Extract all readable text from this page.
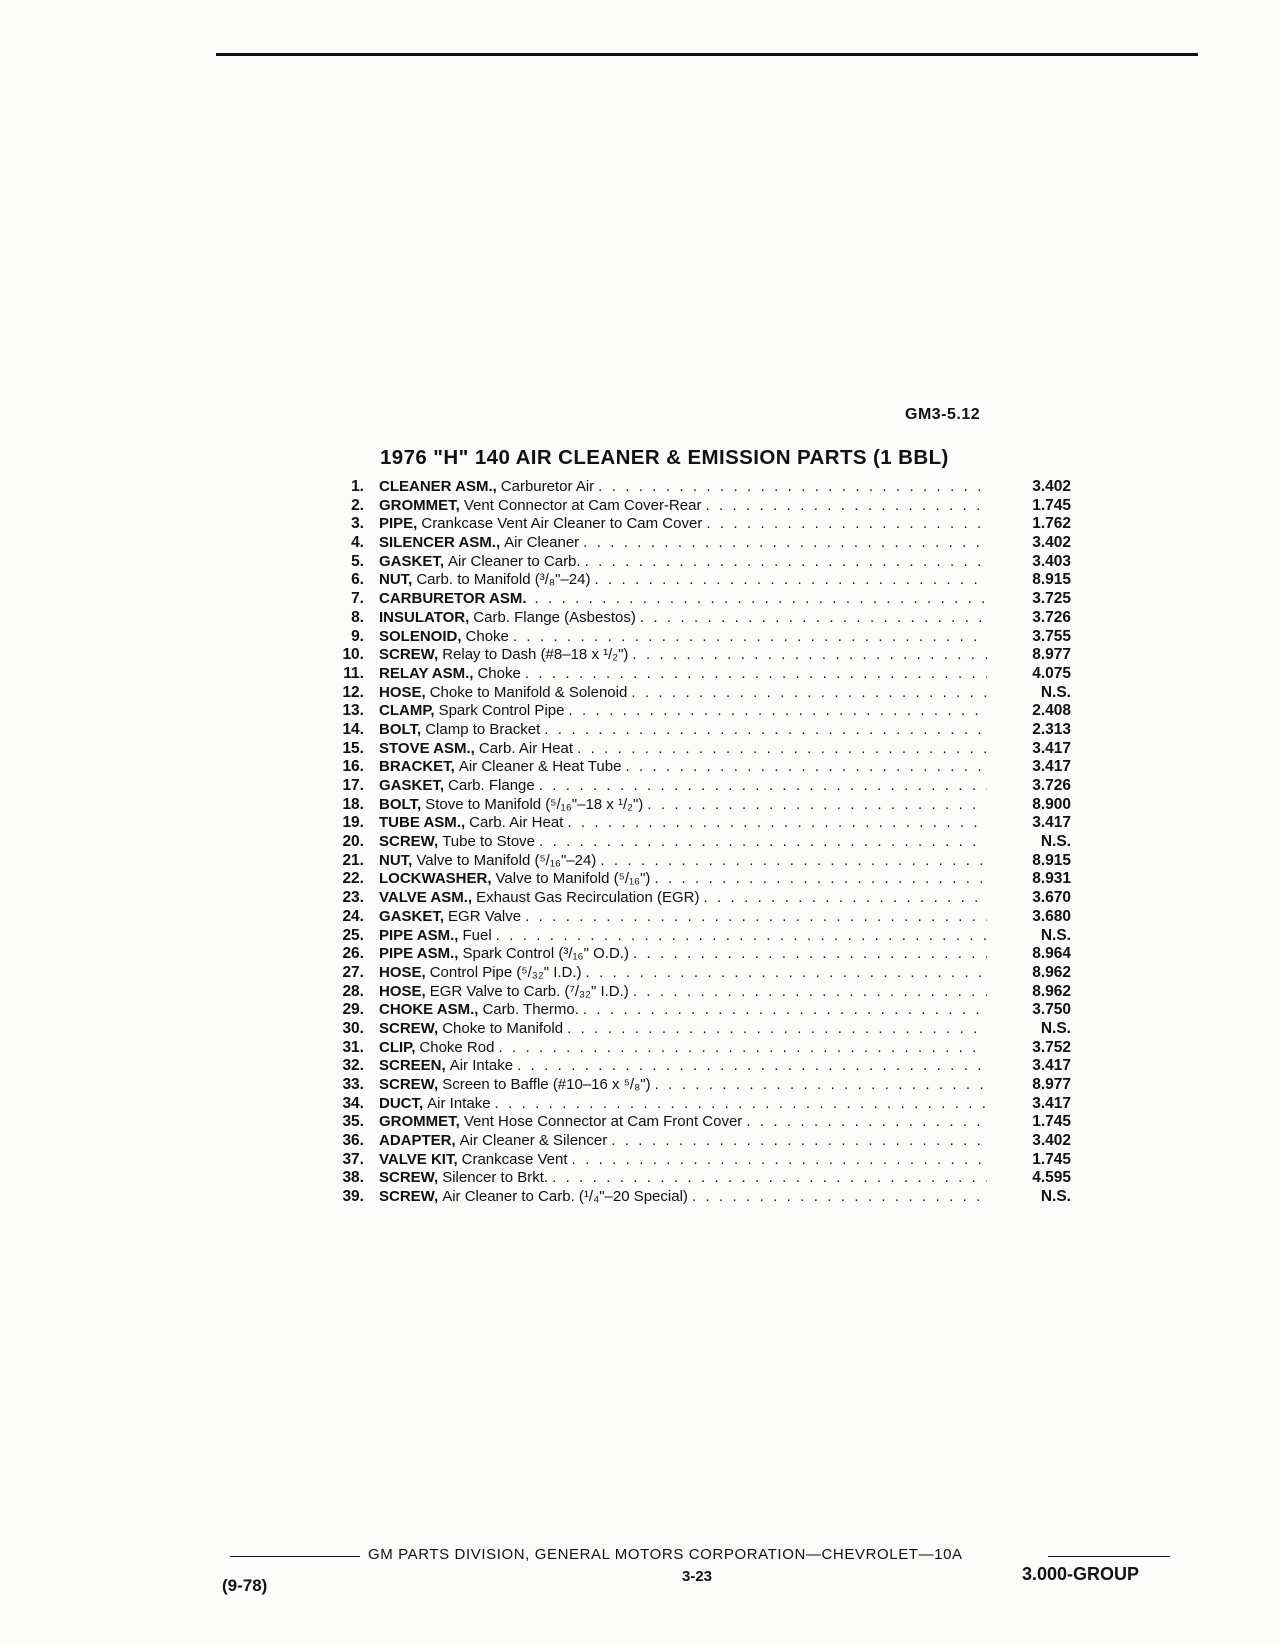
GM3-5.12
1976 "H" 140 AIR CLEANER & EMISSION PARTS (1 BBL)
1. CLEANER ASM., Carburetor Air . . .	3.402
2. GROMMET, Vent Connector at Cam Cover-Rear . . .	1.745
3. PIPE, Crankcase Vent Air Cleaner to Cam Cover . . .	1.762
4. SILENCER ASM., Air Cleaner . . .	3.402
5. GASKET, Air Cleaner to Carb. . . .	3.403
6. NUT, Carb. to Manifold (³/₈"–24) . . .	8.915
7. CARBURETOR ASM. . . .	3.725
8. INSULATOR, Carb. Flange (Asbestos) . . .	3.726
9. SOLENOID, Choke . . .	3.755
10. SCREW, Relay to Dash (#8–18 x ¹/₂") . . .	8.977
11. RELAY ASM., Choke . . .	4.075
12. HOSE, Choke to Manifold & Solenoid . . .	N.S.
13. CLAMP, Spark Control Pipe . . .	2.408
14. BOLT, Clamp to Bracket . . .	2.313
15. STOVE ASM., Carb. Air Heat . . .	3.417
16. BRACKET, Air Cleaner & Heat Tube . . .	3.417
17. GASKET, Carb. Flange . . .	3.726
18. BOLT, Stove to Manifold (⁵/₁₆"–18 x ¹/₂") . . .	8.900
19. TUBE ASM., Carb. Air Heat . . .	3.417
20. SCREW, Tube to Stove . . .	N.S.
21. NUT, Valve to Manifold (⁵/₁₆"–24) . . .	8.915
22. LOCKWASHER, Valve to Manifold (⁵/₁₆") . . .	8.931
23. VALVE ASM., Exhaust Gas Recirculation (EGR) . . .	3.670
24. GASKET, EGR Valve . . .	3.680
25. PIPE ASM., Fuel . . .	N.S.
26. PIPE ASM., Spark Control (³/₁₆" O.D.) . . .	8.964
27. HOSE, Control Pipe (⁵/₃₂" I.D.) . . .	8.962
28. HOSE, EGR Valve to Carb. (⁷/₃₂" I.D.) . . .	8.962
29. CHOKE ASM., Carb. Thermo. . . .	3.750
30. SCREW, Choke to Manifold . . .	N.S.
31. CLIP, Choke Rod . . .	3.752
32. SCREEN, Air Intake . . .	3.417
33. SCREW, Screen to Baffle (#10–16 x ⁵/₈") . . .	8.977
34. DUCT, Air Intake . . .	3.417
35. GROMMET, Vent Hose Connector at Cam Front Cover . . .	1.745
36. ADAPTER, Air Cleaner & Silencer . . .	3.402
37. VALVE KIT, Crankcase Vent . . .	1.745
38. SCREW, Silencer to Brkt. . . .	4.595
39. SCREW, Air Cleaner to Carb. (¹/₄"–20 Special) . . .	N.S.
GM PARTS DIVISION, GENERAL MOTORS CORPORATION—CHEVROLET—10A
(9-78)	3-23	3.000-GROUP
